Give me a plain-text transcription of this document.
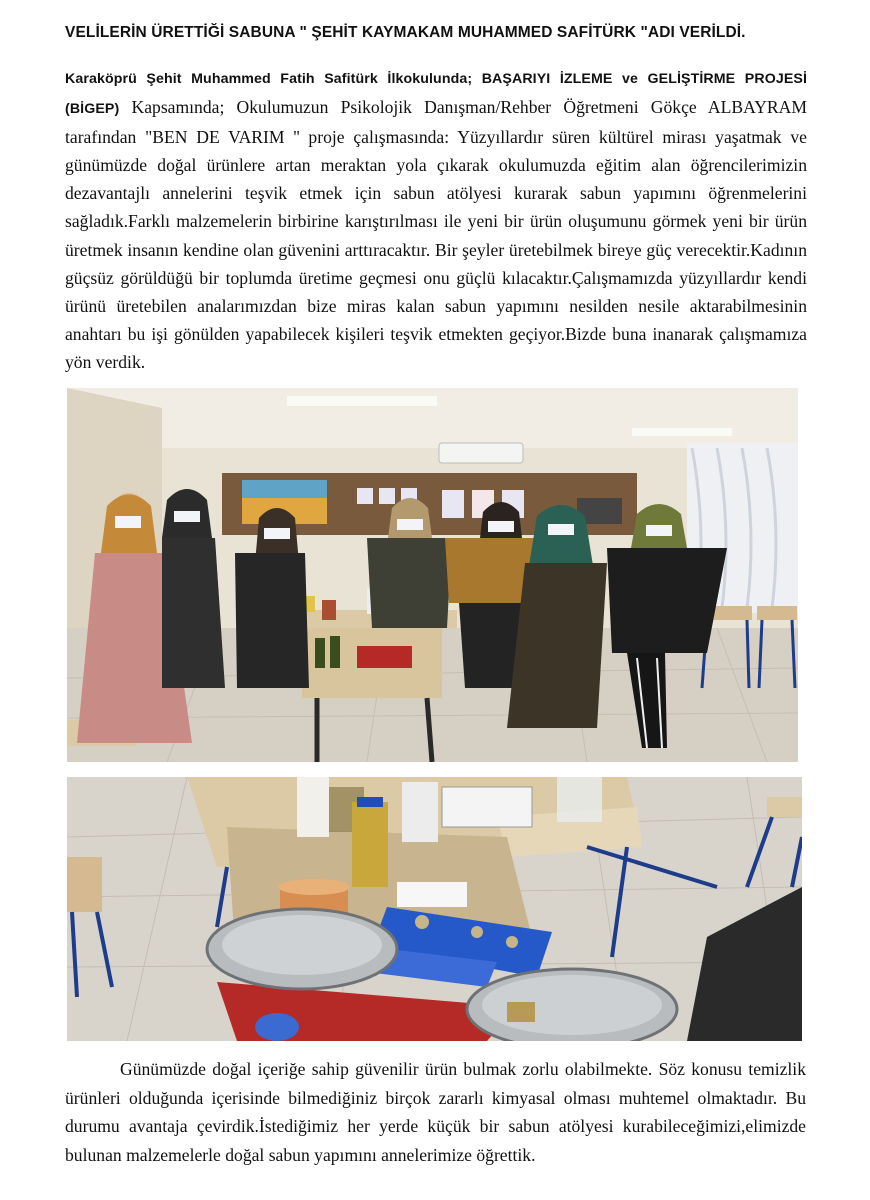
VELİLERİN ÜRETTİĞİ SABUNA " ŞEHİT KAYMAKAM MUHAMMED SAFİTÜRK "ADI VERİLDİ.
Karaköprü Şehit Muhammed Fatih Safitürk İlkokulunda; BAŞARIYI İZLEME ve GELİŞTİRME PROJESİ (BİGEP) Kapsamında; Okulumuzun Psikolojik Danışman/Rehber Öğretmeni Gökçe ALBAYRAM tarafından "BEN DE VARIM '' proje çalışmasında: Yüzyıllardır süren kültürel mirası yaşatmak ve günümüzde doğal ürünlere artan meraktan yola çıkarak okulumuzda eğitim alan öğrencilerimizin dezavantajlı annelerini teşvik etmek için sabun atölyesi kurarak sabun yapımını öğrenmelerini sağladık.Farklı malzemelerin birbirine karıştırılması ile yeni bir ürün oluşumunu görmek yeni bir ürün üretmek insanın kendine olan güvenini arttıracaktır. Bir şeyler üretebilmek bireye güç verecektir.Kadının güçsüz görüldüğü bir toplumda üretime geçmesi onu güçlü kılacaktır.Çalışmamızda yüzyıllardır kendi ürünü üretebilen analarımızdan bize miras kalan sabun yapımını nesilden nesile aktarabilmesinin anahtarı bu işi gönülden yapabilecek kişileri teşvik etmekten geçiyor.Bizde buna inanarak çalışmamıza yön verdik.
Günümüzde doğal içeriğe sahip güvenilir ürün bulmak zorlu olabilmekte. Söz konusu temizlik ürünleri olduğunda içerisinde bilmediğiniz birçok zararlı kimyasal olması muhtemel olmaktadır. Bu durumu avantaja çevirdik.İstediğimiz her yerde küçük bir sabun atölyesi kurabileceğimizi,elimizde bulunan malzemelerle doğal sabun yapımını annelerimize öğrettik.
